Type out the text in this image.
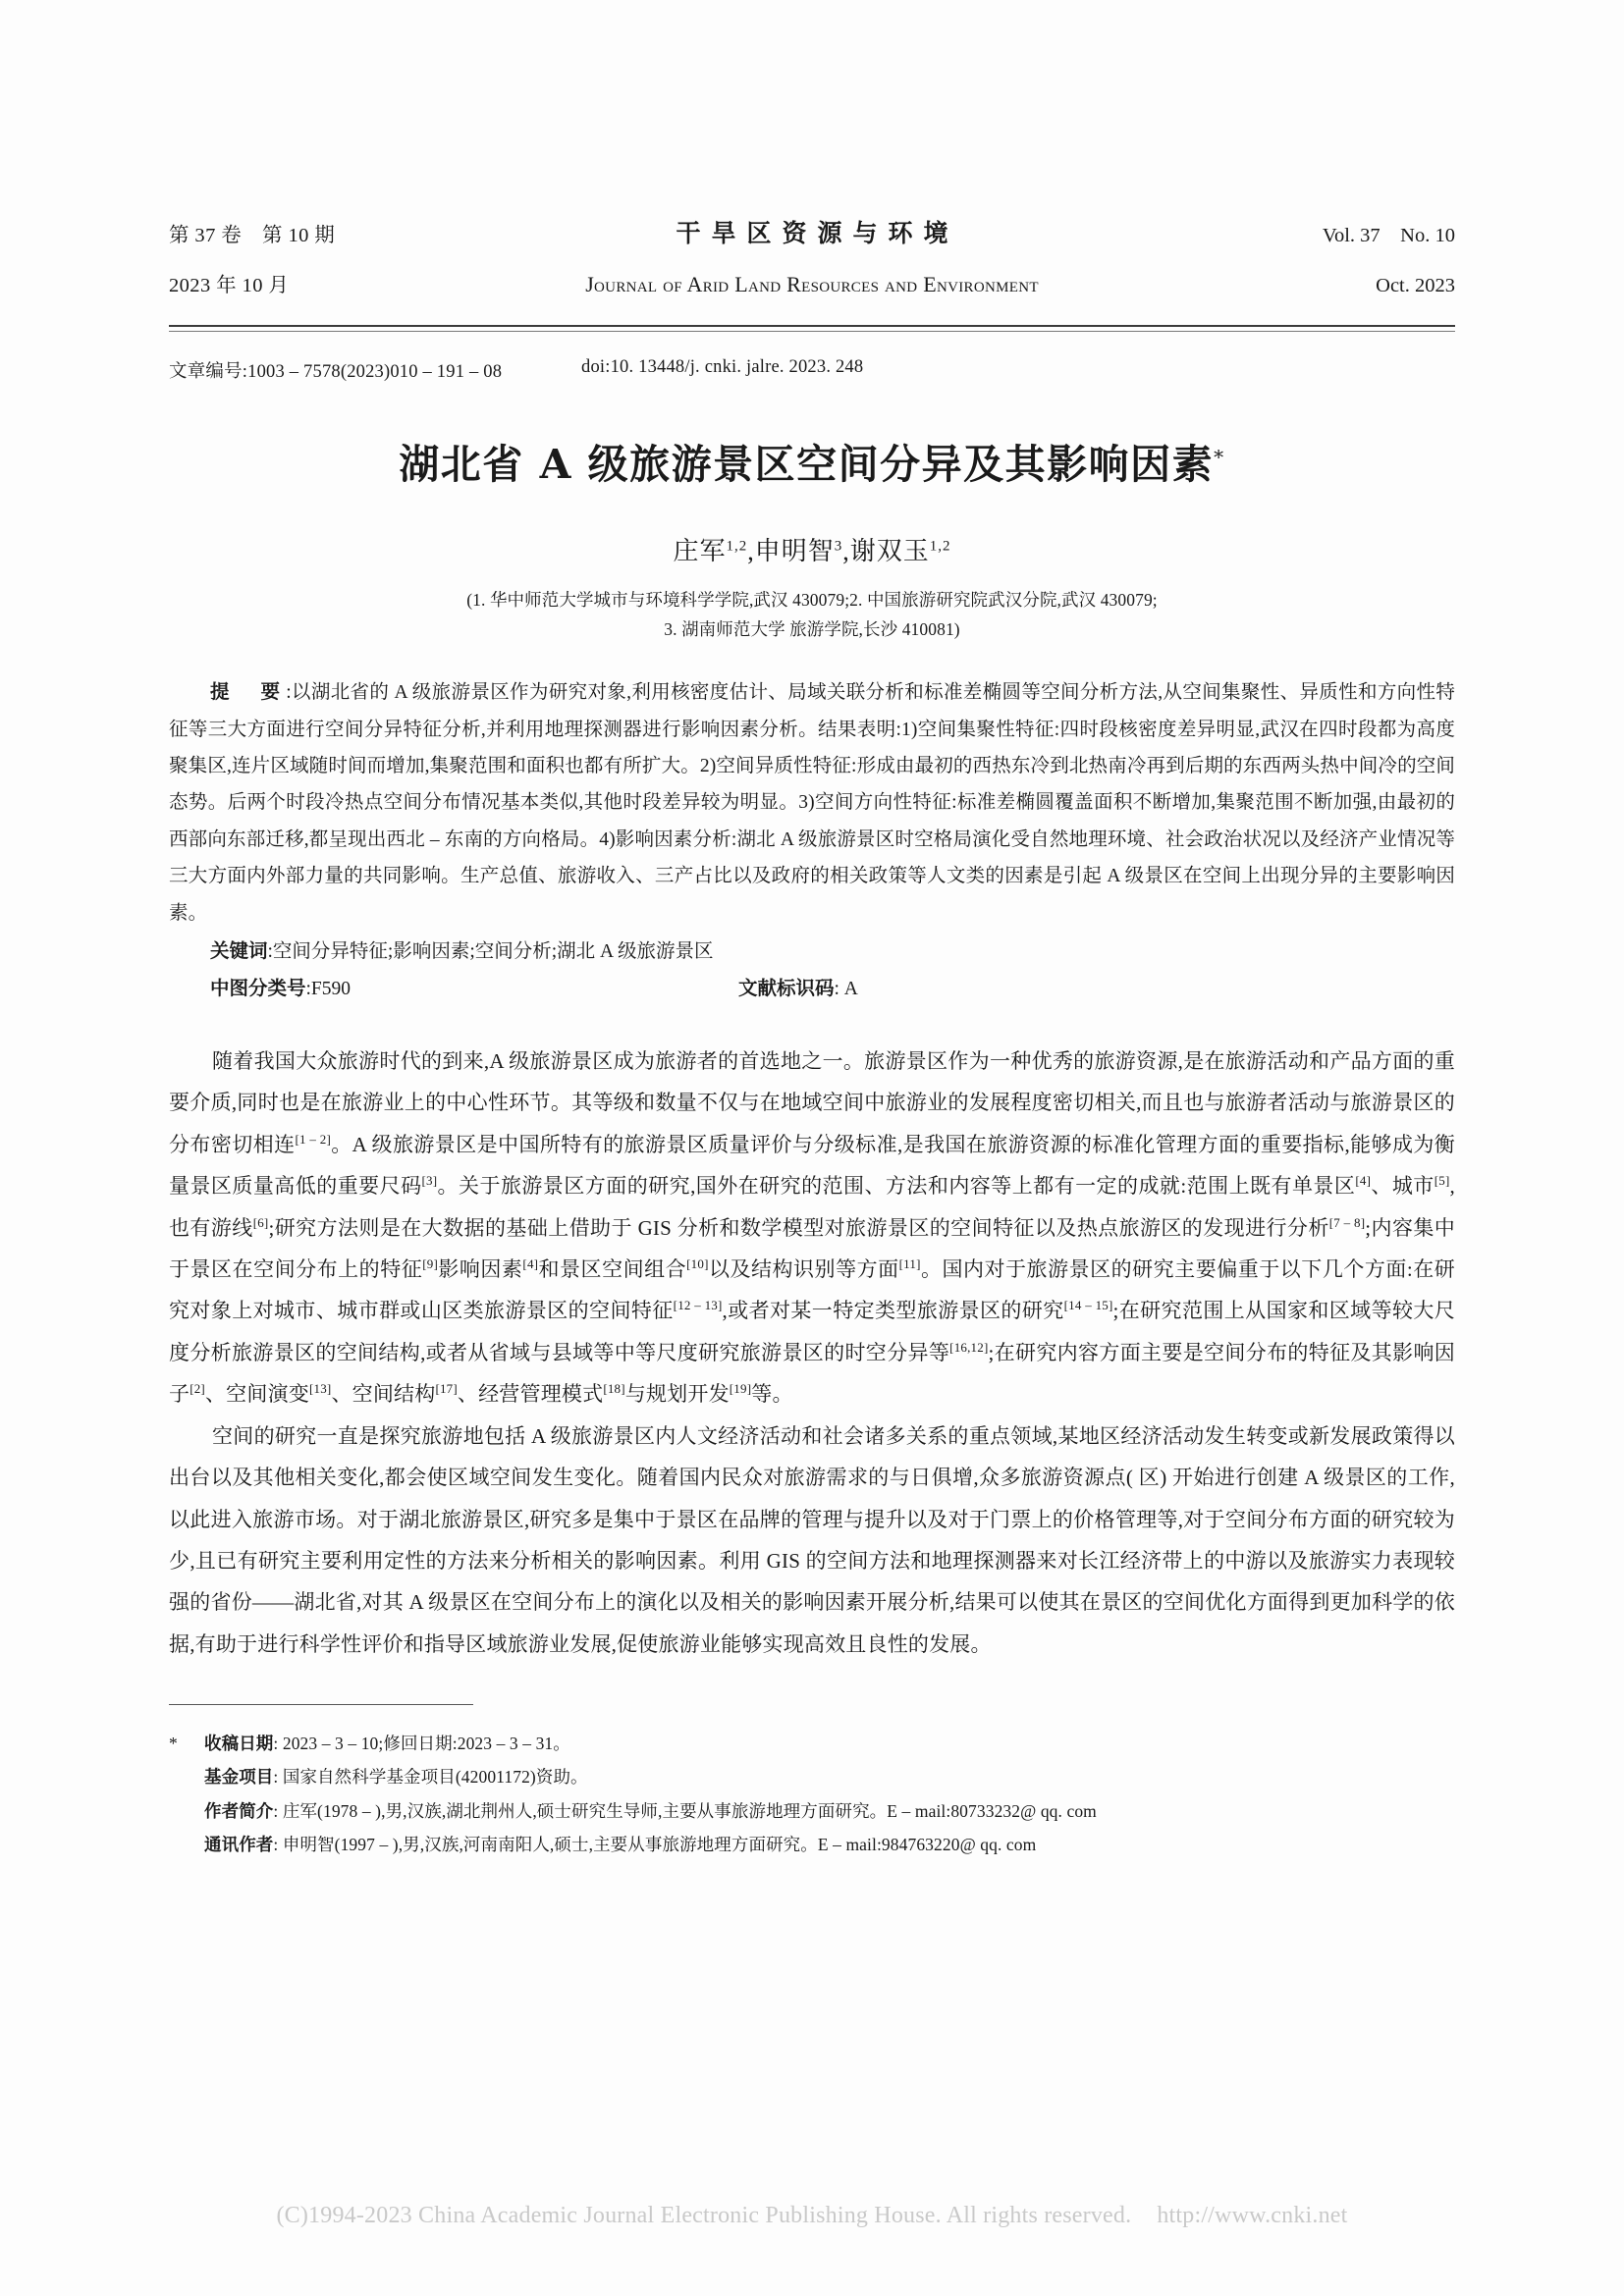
第 37 卷　第 10 期	干旱区资源与环境	Vol. 37　No. 10
2023 年 10 月	Journal of Arid Land Resources and Environment	Oct. 2023
文章编号:1003 – 7578(2023)010 – 191 – 08	doi:10. 13448/j. cnki. jalre. 2023. 248
湖北省 A 级旅游景区空间分异及其影响因素*
庄军$^{1,2}$,申明智$^3$,谢双玉$^{1,2}$
(1. 华中师范大学城市与环境科学学院,武汉 430079;2. 中国旅游研究院武汉分院,武汉 430079;
3. 湖南师范大学 旅游学院,长沙 410081)
提　要:以湖北省的 A 级旅游景区作为研究对象,利用核密度估计、局域关联分析和标准差椭圆等空间分析方法,从空间集聚性、异质性和方向性特征等三大方面进行空间分异特征分析,并利用地理探测器进行影响因素分析。结果表明:1)空间集聚性特征:四时段核密度差异明显,武汉在四时段都为高度聚集区,连片区域随时间而增加,集聚范围和面积也都有所扩大。2)空间异质性特征:形成由最初的西热东冷到北热南冷再到后期的东西两头热中间冷的空间态势。后两个时段冷热点空间分布情况基本类似,其他时段差异较为明显。3)空间方向性特征:标准差椭圆覆盖面积不断增加,集聚范围不断加强,由最初的西部向东部迁移,都呈现出西北 – 东南的方向格局。4)影响因素分析:湖北 A 级旅游景区时空格局演化受自然地理环境、社会政治状况以及经济产业情况等三大方面内外部力量的共同影响。生产总值、旅游收入、三产占比以及政府的相关政策等人文类的因素是引起 A 级景区在空间上出现分异的主要影响因素。
关键词:空间分异特征;影响因素;空间分析;湖北 A 级旅游景区
中图分类号:F590	文献标识码: A

随着我国大众旅游时代的到来,A 级旅游景区成为旅游者的首选地之一。旅游景区作为一种优秀的旅游资源,是在旅游活动和产品方面的重要介质,同时也是在旅游业上的中心性环节。其等级和数量不仅与在地域空间中旅游业的发展程度密切相关,而且也与旅游者活动与旅游景区的分布密切相连[1 – 2]。A 级旅游景区是中国所特有的旅游景区质量评价与分级标准,是我国在旅游资源的标准化管理方面的重要指标,能够成为衡量景区质量高低的重要尺码[3]。关于旅游景区方面的研究,国外在研究的范围、方法和内容等上都有一定的成就:范围上既有单景区[4]、城市[5],也有游线[6];研究方法则是在大数据的基础上借助于 GIS 分析和数学模型对旅游景区的空间特征以及热点旅游区的发现进行分析[7 – 8];内容集中于景区在空间分布上的特征[9]影响因素[4]和景区空间组合[10]以及结构识别等方面[11]。国内对于旅游景区的研究主要偏重于以下几个方面:在研究对象上对城市、城市群或山区类旅游景区的空间特征[12 – 13],或者对某一特定类型旅游景区的研究[14 – 15];在研究范围上从国家和区域等较大尺度分析旅游景区的空间结构,或者从省域与县域等中等尺度研究旅游景区的时空分异等[16,12];在研究内容方面主要是空间分布的特征及其影响因子[2]、空间演变[13]、空间结构[17]、经营管理模式[18]与规划开发[19]等。

空间的研究一直是探究旅游地包括 A 级旅游景区内人文经济活动和社会诸多关系的重点领域,某地区经济活动发生转变或新发展政策得以出台以及其他相关变化,都会使区域空间发生变化。随着国内民众对旅游需求的与日俱增,众多旅游资源点( 区) 开始进行创建 A 级景区的工作,以此进入旅游市场。对于湖北旅游景区,研究多是集中于景区在品牌的管理与提升以及对于门票上的价格管理等,对于空间分布方面的研究较为少,且已有研究主要利用定性的方法来分析相关的影响因素。利用 GIS 的空间方法和地理探测器来对长江经济带上的中游以及旅游实力表现较强的省份——湖北省,对其 A 级景区在空间分布上的演化以及相关的影响因素开展分析,结果可以使其在景区的空间优化方面得到更加科学的依据,有助于进行科学性评价和指导区域旅游业发展,促使旅游业能够实现高效且良性的发展。

*	收稿日期: 2023 – 3 – 10;修回日期:2023 – 3 – 31。
基金项目: 国家自然科学基金项目(42001172)资助。
作者简介: 庄军(1978 – ),男,汉族,湖北荆州人,硕士研究生导师,主要从事旅游地理方面研究。E – mail:80733232@ qq. com
通讯作者: 申明智(1997 – ),男,汉族,河南南阳人,硕士,主要从事旅游地理方面研究。E – mail:984763220@ qq. com
(C)1994-2023 China Academic Journal Electronic Publishing House. All rights reserved. http://www.cnki.net
